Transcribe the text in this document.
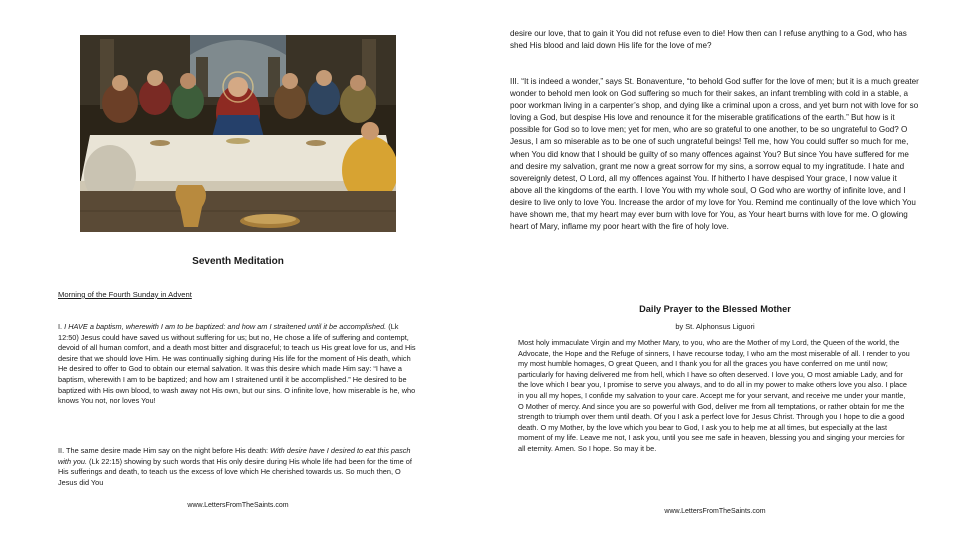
Seventh Meditation
Morning of the Fourth Sunday in Advent

I. I HAVE a baptism, wherewith I am to be baptized: and how am I straitened until it be accomplished. (Lk 12:50) Jesus could have saved us without suffering for us; but no, He chose a life of suffering and contempt, devoid of all human comfort, and a death most bitter and disgraceful; to teach us His great love for us, and His desire that we should love Him. He was continually sighing during His life for the moment of His death, which He desired to offer to God to obtain our eternal salvation. It was this desire which made Him say: “I have a baptism, wherewith I am to be baptized; and how am I straitened until it be accomplished.” He desired to be baptized with His own blood, to wash away not His own, but our sins. O infinite love, how miserable is he, who knows You not, nor loves You!

II. The same desire made Him say on the night before His death: With desire have I desired to eat this pasch with you. (Lk 22:15) showing by such words that His only desire during His whole life had been for the time of His sufferings and death, to teach us the excess of love which He cherished towards us. So much then, O Jesus did You

www.LettersFromTheSaints.com

desire our love, that to gain it You did not refuse even to die! How then can I refuse anything to a God, who has shed His blood and laid down His life for the love of me?

III. “It is indeed a wonder,” says St. Bonaventure, “to behold God suffer for the love of men; but it is a much greater wonder to behold men look on God suffering so much for their sakes, an infant trembling with cold in a stable, a poor workman living in a carpenter’s shop, and dying like a criminal upon a cross, and yet burn not with love for so loving a God, but despise His love and renounce it for the miserable gratifications of the earth.” But how is it possible for God so to love men; yet for men, who are so grateful to one another, to be so ungrateful to God? O Jesus, I am so miserable as to be one of such ungrateful beings! Tell me, how You could suffer so much for me, when You did know that I should be guilty of so many offences against You? But since You have suffered for me and desire my salvation, grant me now a great sorrow for my sins, a sorrow equal to my ingratitude. I hate and sovereignly detest, O Lord, all my offences against You. If hitherto I have despised Your grace, I now value it above all the kingdoms of the earth. I love You with my whole soul, O God who are worthy of infinite love, and I desire to live only to love You. Increase the ardor of my love for You. Remind me continually of the love which You have shown me, that my heart may ever burn with love for You, as Your heart burns with love for me. O glowing heart of Mary, inflame my poor heart with the fire of holy love.

Daily Prayer to the Blessed Mother
by St. Alphonsus Liguori

Most holy immaculate Virgin and my Mother Mary, to you, who are the Mother of my Lord, the Queen of the world, the Advocate, the Hope and the Refuge of sinners, I have recourse today, I who am the most miserable of all. I render to you my most humble homages, O great Queen, and I thank you for all the graces you have conferred on me until now; particularly for having delivered me from hell, which I have so often deserved. I love you, O most amiable Lady, and for the love which I bear you, I promise to serve you always, and to do all in my power to make others love you also. I place in you all my hopes, I confide my salvation to your care. Accept me for your servant, and receive me under your mantle, O Mother of mercy. And since you are so powerful with God, deliver me from all temptations, or rather obtain for me the strength to triumph over them until death. Of you I ask a perfect love for Jesus Christ. Through you I hope to die a good death. O my Mother, by the love which you bear to God, I ask you to help me at all times, but especially at the last moment of my life. Leave me not, I ask you, until you see me safe in heaven, blessing you and singing your mercies for all eternity. Amen. So I hope. So may it be.

www.LettersFromTheSaints.com
